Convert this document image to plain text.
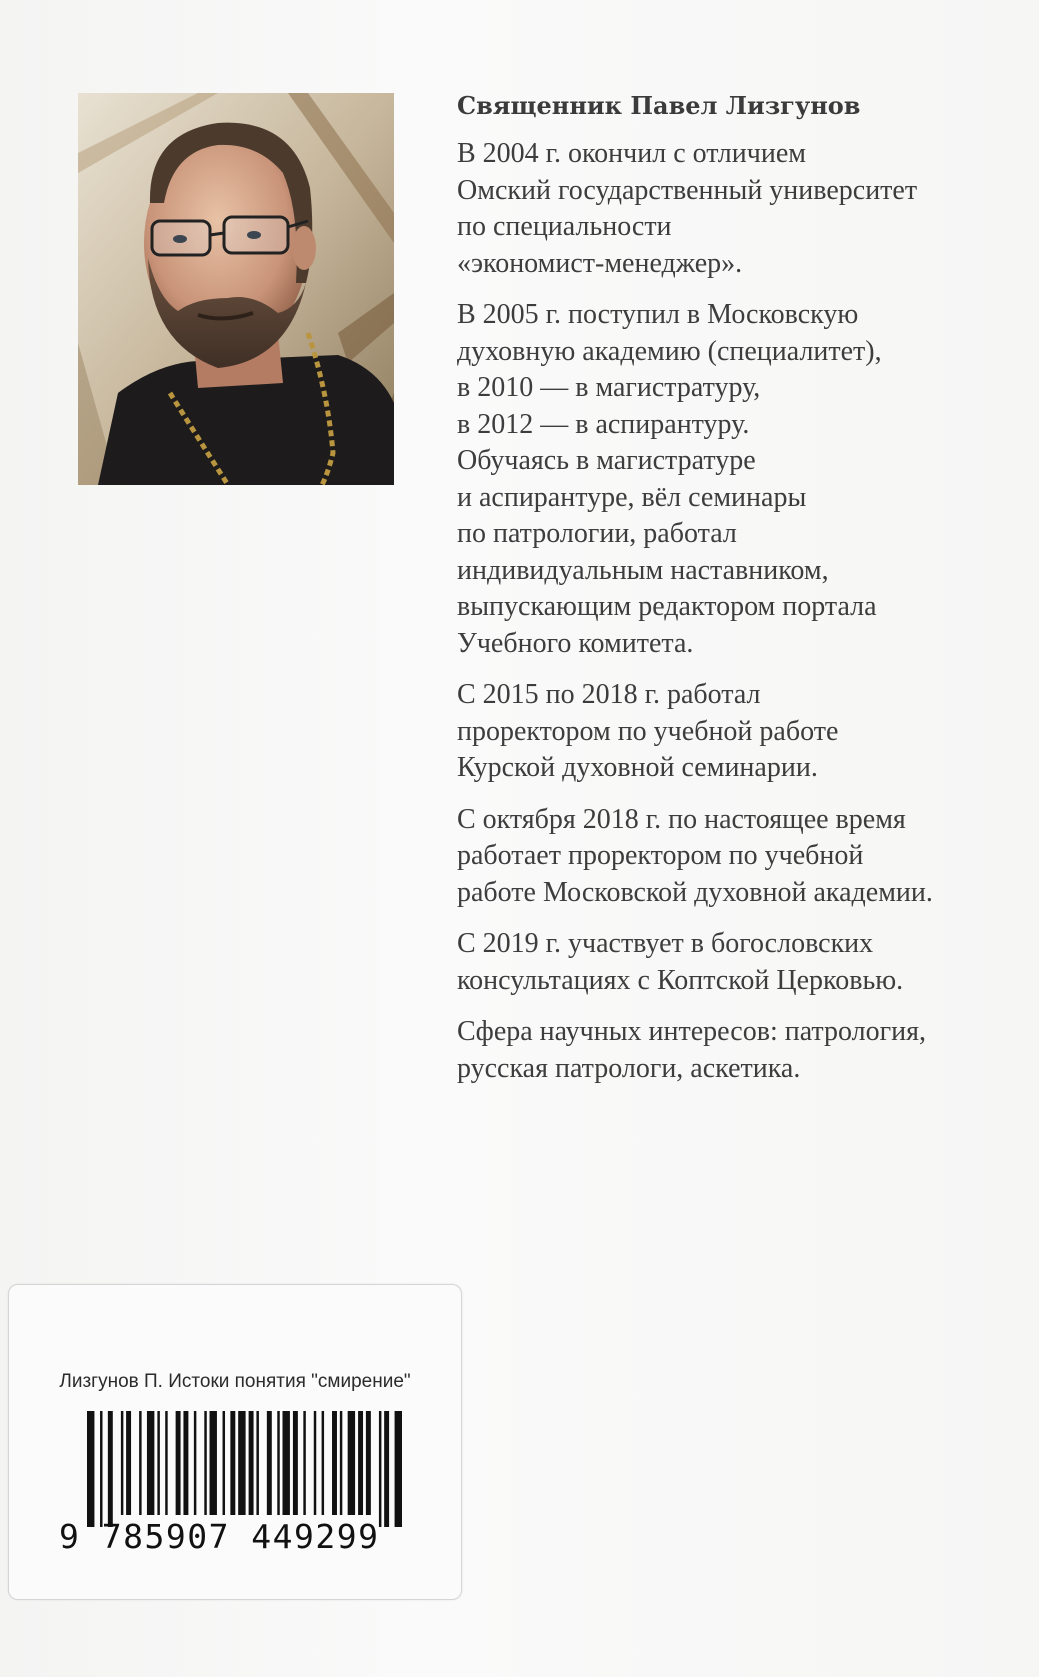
Священник Павел Лизгунов
В 2004 г. окончил с отличием
Омский государственный университет
по специальности
«экономист-менеджер».
В 2005 г. поступил в Московскую
духовную академию (специалитет),
в 2010 — в магистратуру,
в 2012 — в аспирантуру.
Обучаясь в магистратуре
и аспирантуре, вёл семинары
по патрологии, работал
индивидуальным наставником,
выпускающим редактором портала
Учебного комитета.
С 2015 по 2018 г. работал
проректором по учебной работе
Курской духовной семинарии.
С октября 2018 г. по настоящее время
работает проректором по учебной
работе Московской духовной академии.
С 2019 г. участвует в богословских
консультациях с Коптской Церковью.
Сфера научных интересов: патрология,
русская патрологи, аскетика.
Лизгунов П. Истоки понятия "смирение"
9 785907 449299
